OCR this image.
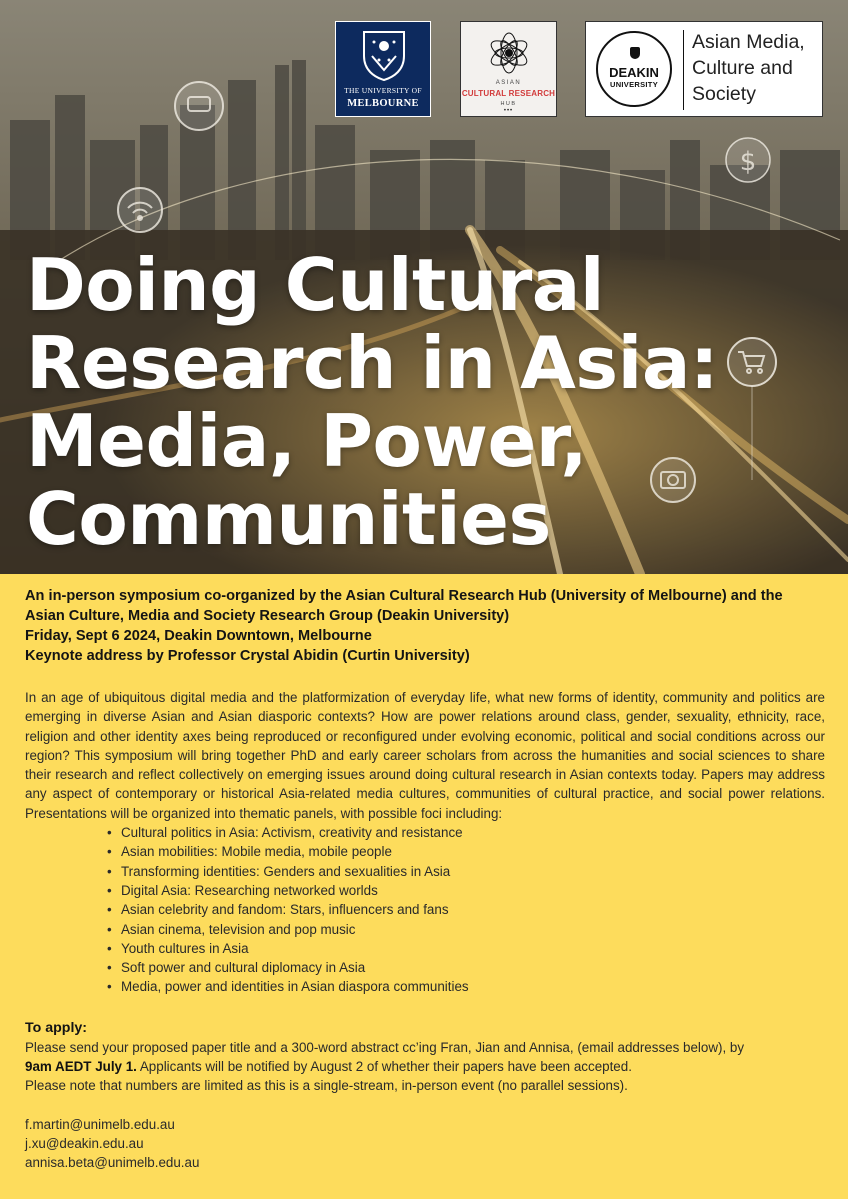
$
Doing Cultural
Research in Asia:
Media, Power,
Communities
THE UNIVERSITY OF
MELBOURNE
ASIAN
CULTURAL RESEARCH
HUB
•••
DEAKIN
UNIVERSITY
Asian Media, Culture and Society

An in-person symposium co-organized by the Asian Cultural Research Hub (University of Melbourne) and the Asian Culture, Media and Society Research Group (Deakin University)
Friday, Sept 6 2024, Deakin Downtown, Melbourne
Keynote address by Professor Crystal Abidin (Curtin University)

In an age of ubiquitous digital media and the platformization of everyday life, what new forms of identity, community and politics are emerging in diverse Asian and Asian diasporic contexts? How are power relations around class, gender, sexuality, ethnicity, race, religion and other identity axes being reproduced or reconfigured under evolving economic, political and social conditions across our region? This symposium will bring together PhD and early career scholars from across the humanities and social sciences to share their research and reflect collectively on emerging issues around doing cultural research in Asian contexts today. Papers may address any aspect of contemporary or historical Asia-related media cultures, communities of cultural practice, and social power relations. Presentations will be organized into thematic panels, with possible foci including:

• Cultural politics in Asia: Activism, creativity and resistance
• Asian mobilities: Mobile media, mobile people
• Transforming identities: Genders and sexualities in Asia
• Digital Asia: Researching networked worlds
• Asian celebrity and fandom: Stars, influencers and fans
• Asian cinema, television and pop music
• Youth cultures in Asia
• Soft power and cultural diplomacy in Asia
• Media, power and identities in Asian diaspora communities

To apply:

Please send your proposed paper title and a 300-word abstract cc’ing Fran, Jian and Annisa, (email addresses below), by
9am AEDT July 1. Applicants will be notified by August 2 of whether their papers have been accepted.
Please note that numbers are limited as this is a single-stream, in-person event (no parallel sessions).

f.martin@unimelb.edu.au
j.xu@deakin.edu.au
annisa.beta@unimelb.edu.au
